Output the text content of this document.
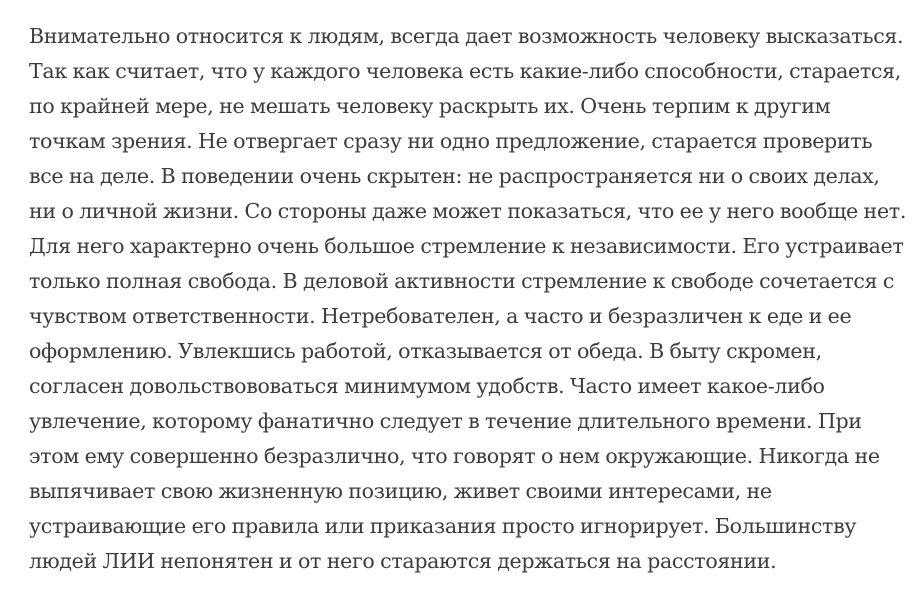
Внимательно относится к людям, всегда дает возможность человеку высказаться.
Так как считает, что у каждого человека есть какие-либо способности, старается,
по крайней мере, не мешать человеку раскрыть их. Очень терпим к другим
точкам зрения. Не отвергает сразу ни одно предложение, старается проверить
все на деле. В поведении очень скрытен: не распространяется ни о своих делах,
ни о личной жизни. Со стороны даже может показаться, что ее у него вообще нет.
Для него характерно очень большое стремление к независимости. Его устраивает
только полная свобода. В деловой активности стремление к свободе сочетается с
чувством ответственности. Нетребователен, а часто и безразличен к еде и ее
оформлению. Увлекшись работой, отказывается от обеда. В быту скромен,
согласен довольствововаться минимумом удобств. Часто имеет какое-либо
увлечение, которому фанатично следует в течение длительного времени. При
этом ему совершенно безразлично, что говорят о нем окружающие. Никогда не
выпячивает свою жизненную позицию, живет своими интересами, не
устраивающие его правила или приказания просто игнорирует. Большинству
людей ЛИИ непонятен и от него стараются держаться на расстоянии.
